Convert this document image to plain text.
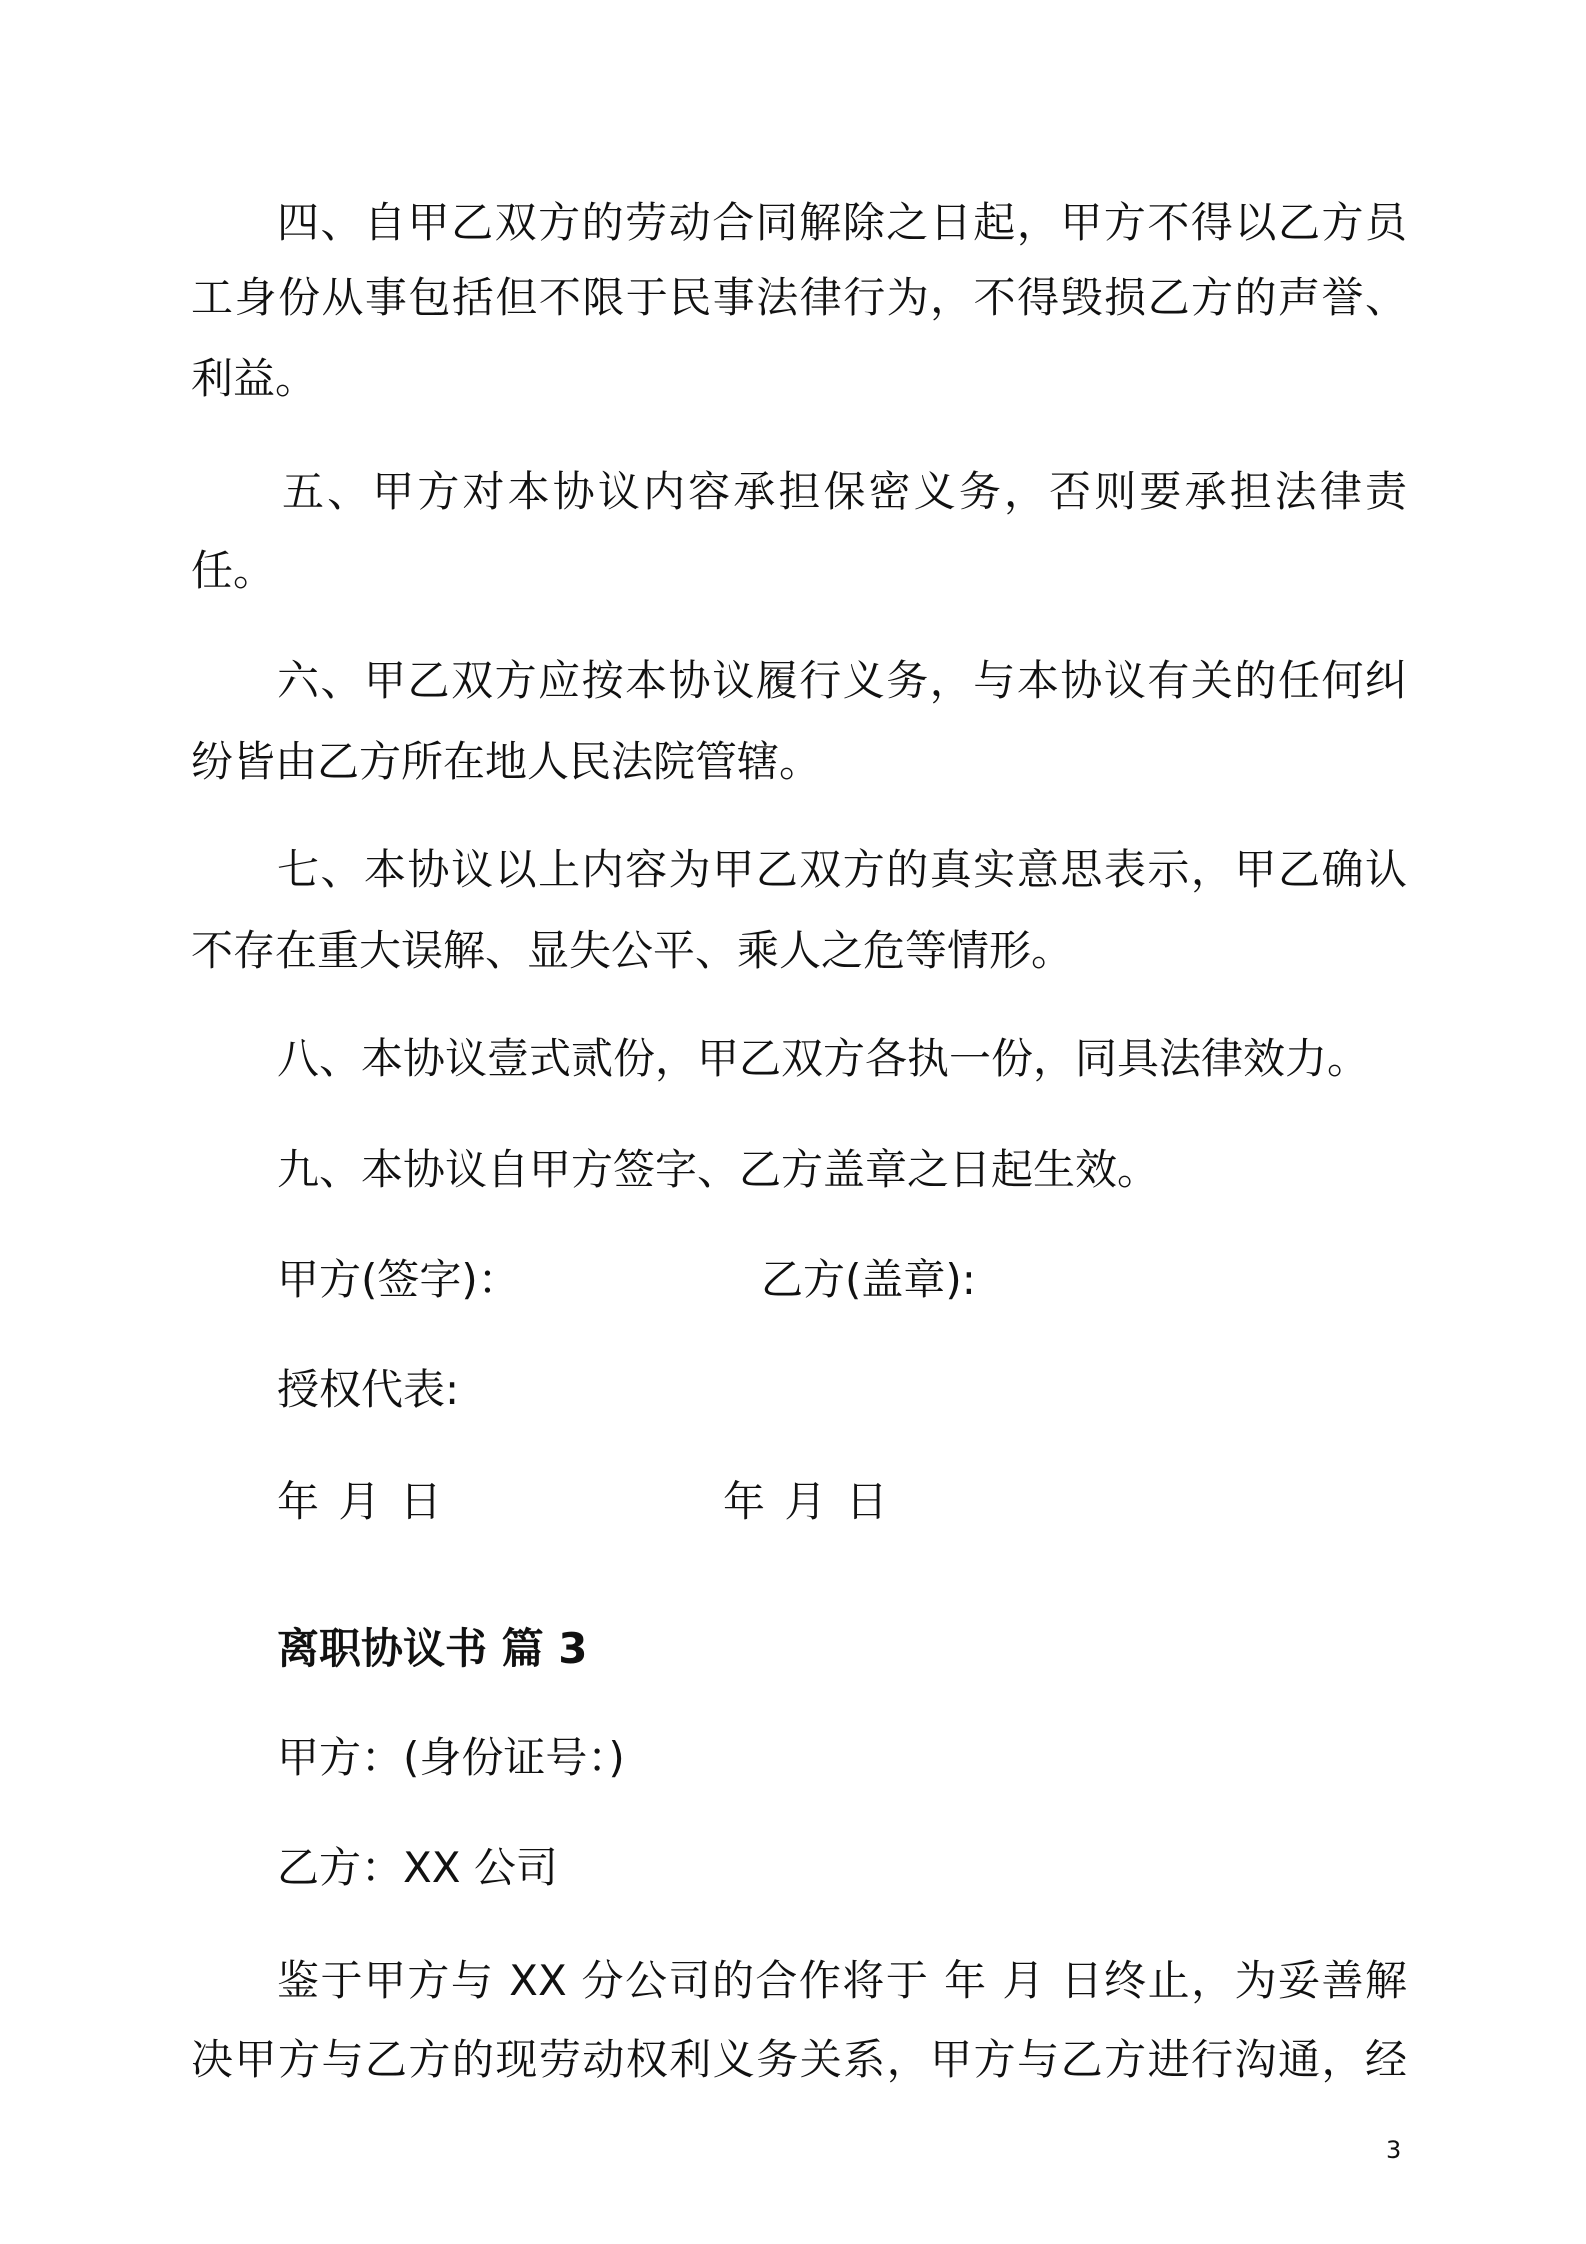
四、自甲乙双方的劳动合同解除之日起，甲方不得以乙方员
工身份从事包括但不限于民事法律行为，不得毁损乙方的声誉、
利益。
五、甲方对本协议内容承担保密义务，否则要承担法律责
任。
六、甲乙双方应按本协议履行义务，与本协议有关的任何纠
纷皆由乙方所在地人民法院管辖。
七、本协议以上内容为甲乙双方的真实意思表示，甲乙确认
不存在重大误解、显失公平、乘人之危等情形。
八、本协议壹式贰份，甲乙双方各执一份，同具法律效力。
九、本协议自甲方签字、乙方盖章之日起生效。
甲方(签字)：	乙方(盖章):
授权代表:
年 月 日	年 月 日
离职协议书 篇 3
甲方：(身份证号：)
乙方：XX 公司
鉴于甲方与 XX 分公司的合作将于 年 月 日终止，为妥善解
决甲方与乙方的现劳动权利义务关系，甲方与乙方进行沟通，经
3
